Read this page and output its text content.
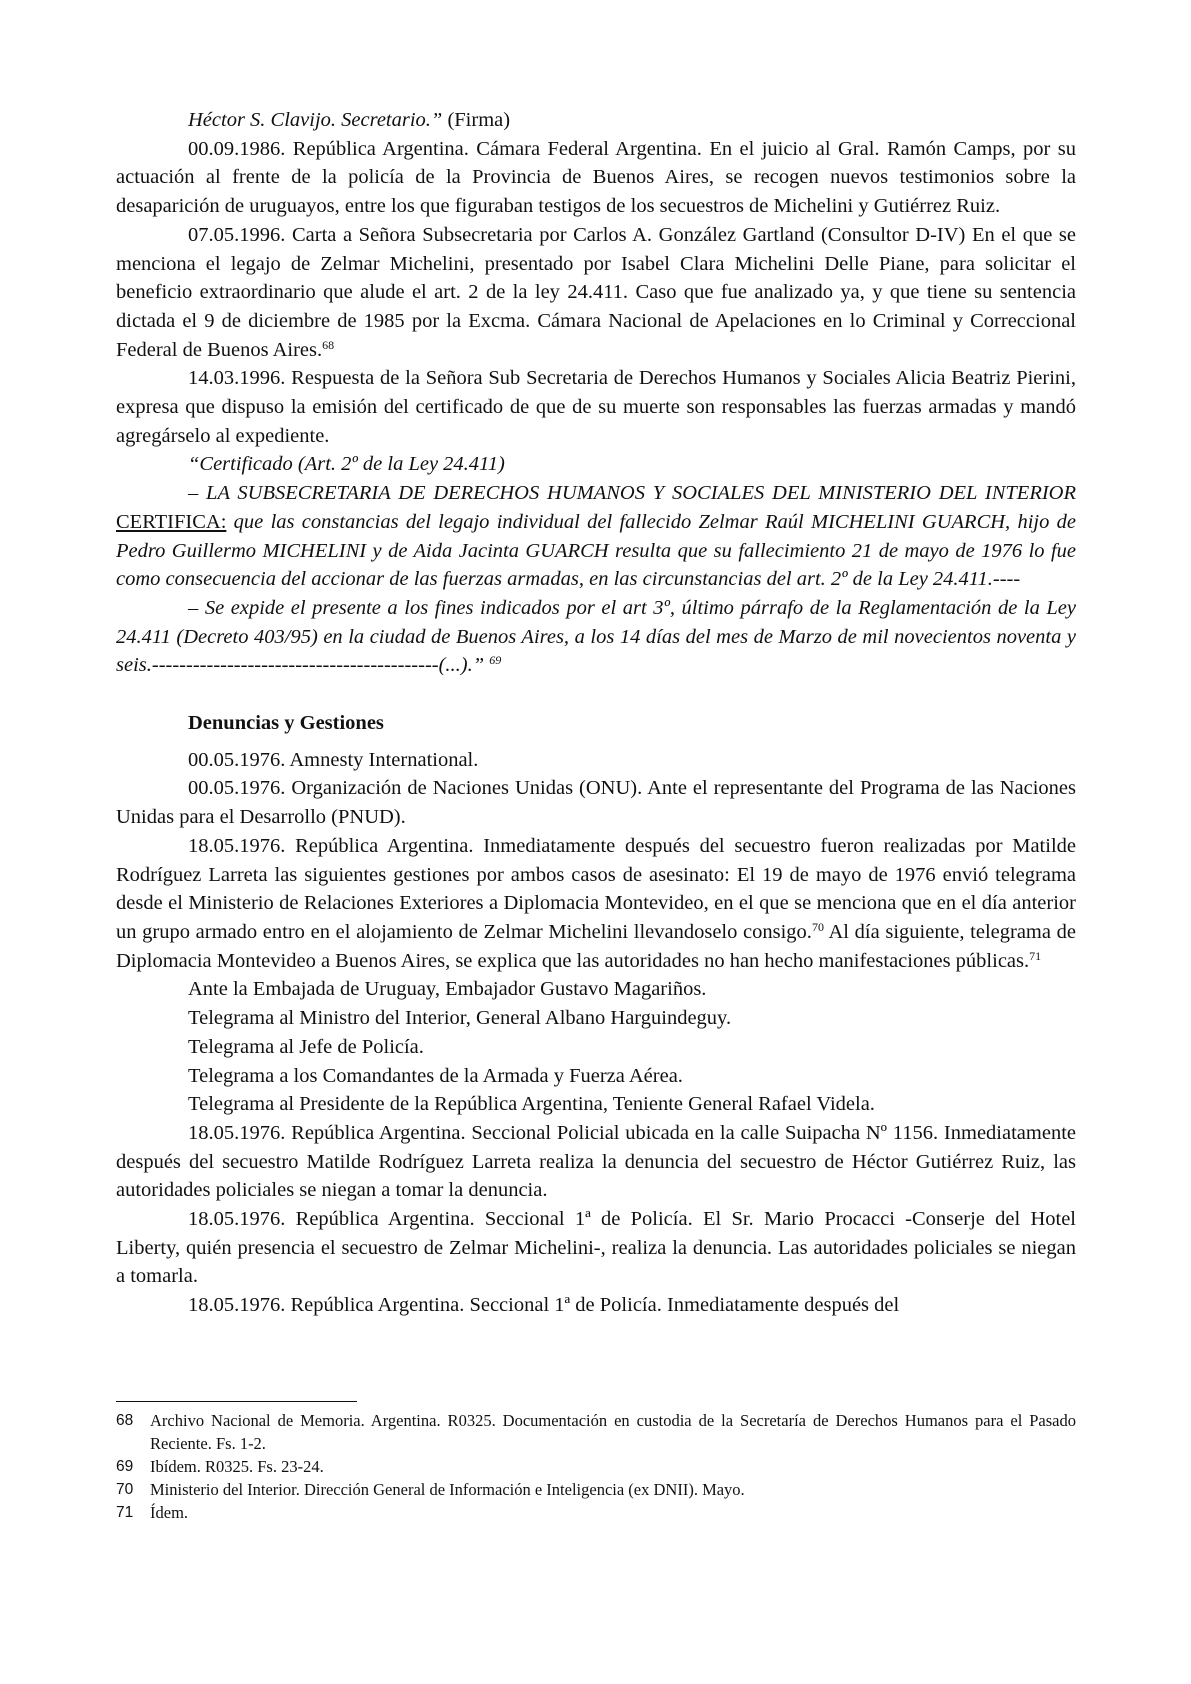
Héctor S. Clavijo. Secretario.” (Firma)

00.09.1986. República Argentina. Cámara Federal Argentina. En el juicio al Gral. Ramón Camps, por su actuación al frente de la policía de la Provincia de Buenos Aires, se recogen nuevos testimonios sobre la desaparición de uruguayos, entre los que figuraban testigos de los secuestros de Michelini y Gutiérrez Ruiz.

07.05.1996. Carta a Señora Subsecretaria por Carlos A. González Gartland (Consultor D-IV) En el que se menciona el legajo de Zelmar Michelini, presentado por Isabel Clara Michelini Delle Piane, para solicitar el beneficio extraordinario que alude el art. 2 de la ley 24.411. Caso que fue analizado ya, y que tiene su sentencia dictada el 9 de diciembre de 1985 por la Excma. Cámara Nacional de Apelaciones en lo Criminal y Correccional Federal de Buenos Aires.$^{68}$

14.03.1996. Respuesta de la Señora Sub Secretaria de Derechos Humanos y Sociales Alicia Beatriz Pierini, expresa que dispuso la emisión del certificado de que de su muerte son responsables las fuerzas armadas y mandó agregárselo al expediente.

“Certificado (Art. 2º de la Ley 24.411)

– LA SUBSECRETARIA DE DERECHOS HUMANOS Y SOCIALES DEL MINISTERIO DEL INTERIOR CERTIFICA: que las constancias del legajo individual del fallecido Zelmar Raúl MICHELINI GUARCH, hijo de Pedro Guillermo MICHELINI y de Aida Jacinta GUARCH resulta que su fallecimiento 21 de mayo de 1976 lo fue como consecuencia del accionar de las fuerzas armadas, en las circunstancias del art. 2º de la Ley 24.411.----

– Se expide el presente a los fines indicados por el art 3º, último párrafo de la Reglamentación de la Ley 24.411 (Decreto 403/95) en la ciudad de Buenos Aires, a los 14 días del mes de Marzo de mil novecientos noventa y seis.------------------------------------------(...).” $^{69}$

Denuncias y Gestiones

00.05.1976. Amnesty International.

00.05.1976. Organización de Naciones Unidas (ONU). Ante el representante del Programa de las Naciones Unidas para el Desarrollo (PNUD).

18.05.1976. República Argentina. Inmediatamente después del secuestro fueron realizadas por Matilde Rodríguez Larreta las siguientes gestiones por ambos casos de asesinato: El 19 de mayo de 1976 envió telegrama desde el Ministerio de Relaciones Exteriores a Diplomacia Montevideo, en el que se menciona que en el día anterior un grupo armado entro en el alojamiento de Zelmar Michelini llevandoselo consigo.$^{70}$ Al día siguiente, telegrama de Diplomacia Montevideo a Buenos Aires, se explica que las autoridades no han hecho manifestaciones públicas.$^{71}$

Ante la Embajada de Uruguay, Embajador Gustavo Magariños.

Telegrama al Ministro del Interior, General Albano Harguindeguy.

Telegrama al Jefe de Policía.

Telegrama a los Comandantes de la Armada y Fuerza Aérea.

Telegrama al Presidente de la República Argentina, Teniente General Rafael Videla.

18.05.1976. República Argentina. Seccional Policial ubicada en la calle Suipacha Nº 1156. Inmediatamente después del secuestro Matilde Rodríguez Larreta realiza la denuncia del secuestro de Héctor Gutiérrez Ruiz, las autoridades policiales se niegan a tomar la denuncia.

18.05.1976. República Argentina. Seccional 1ª de Policía. El Sr. Mario Procacci -Conserje del Hotel Liberty, quién presencia el secuestro de Zelmar Michelini-, realiza la denuncia. Las autoridades policiales se niegan a tomarla.

18.05.1976. República Argentina. Seccional 1ª de Policía. Inmediatamente después del

68	Archivo Nacional de Memoria. Argentina. R0325. Documentación en custodia de la Secretaría de Derechos Humanos para el Pasado Reciente. Fs. 1-2.
69	Ibídem. R0325. Fs. 23-24.
70	Ministerio del Interior. Dirección General de Información e Inteligencia (ex DNII). Mayo.
71	Ídem.
